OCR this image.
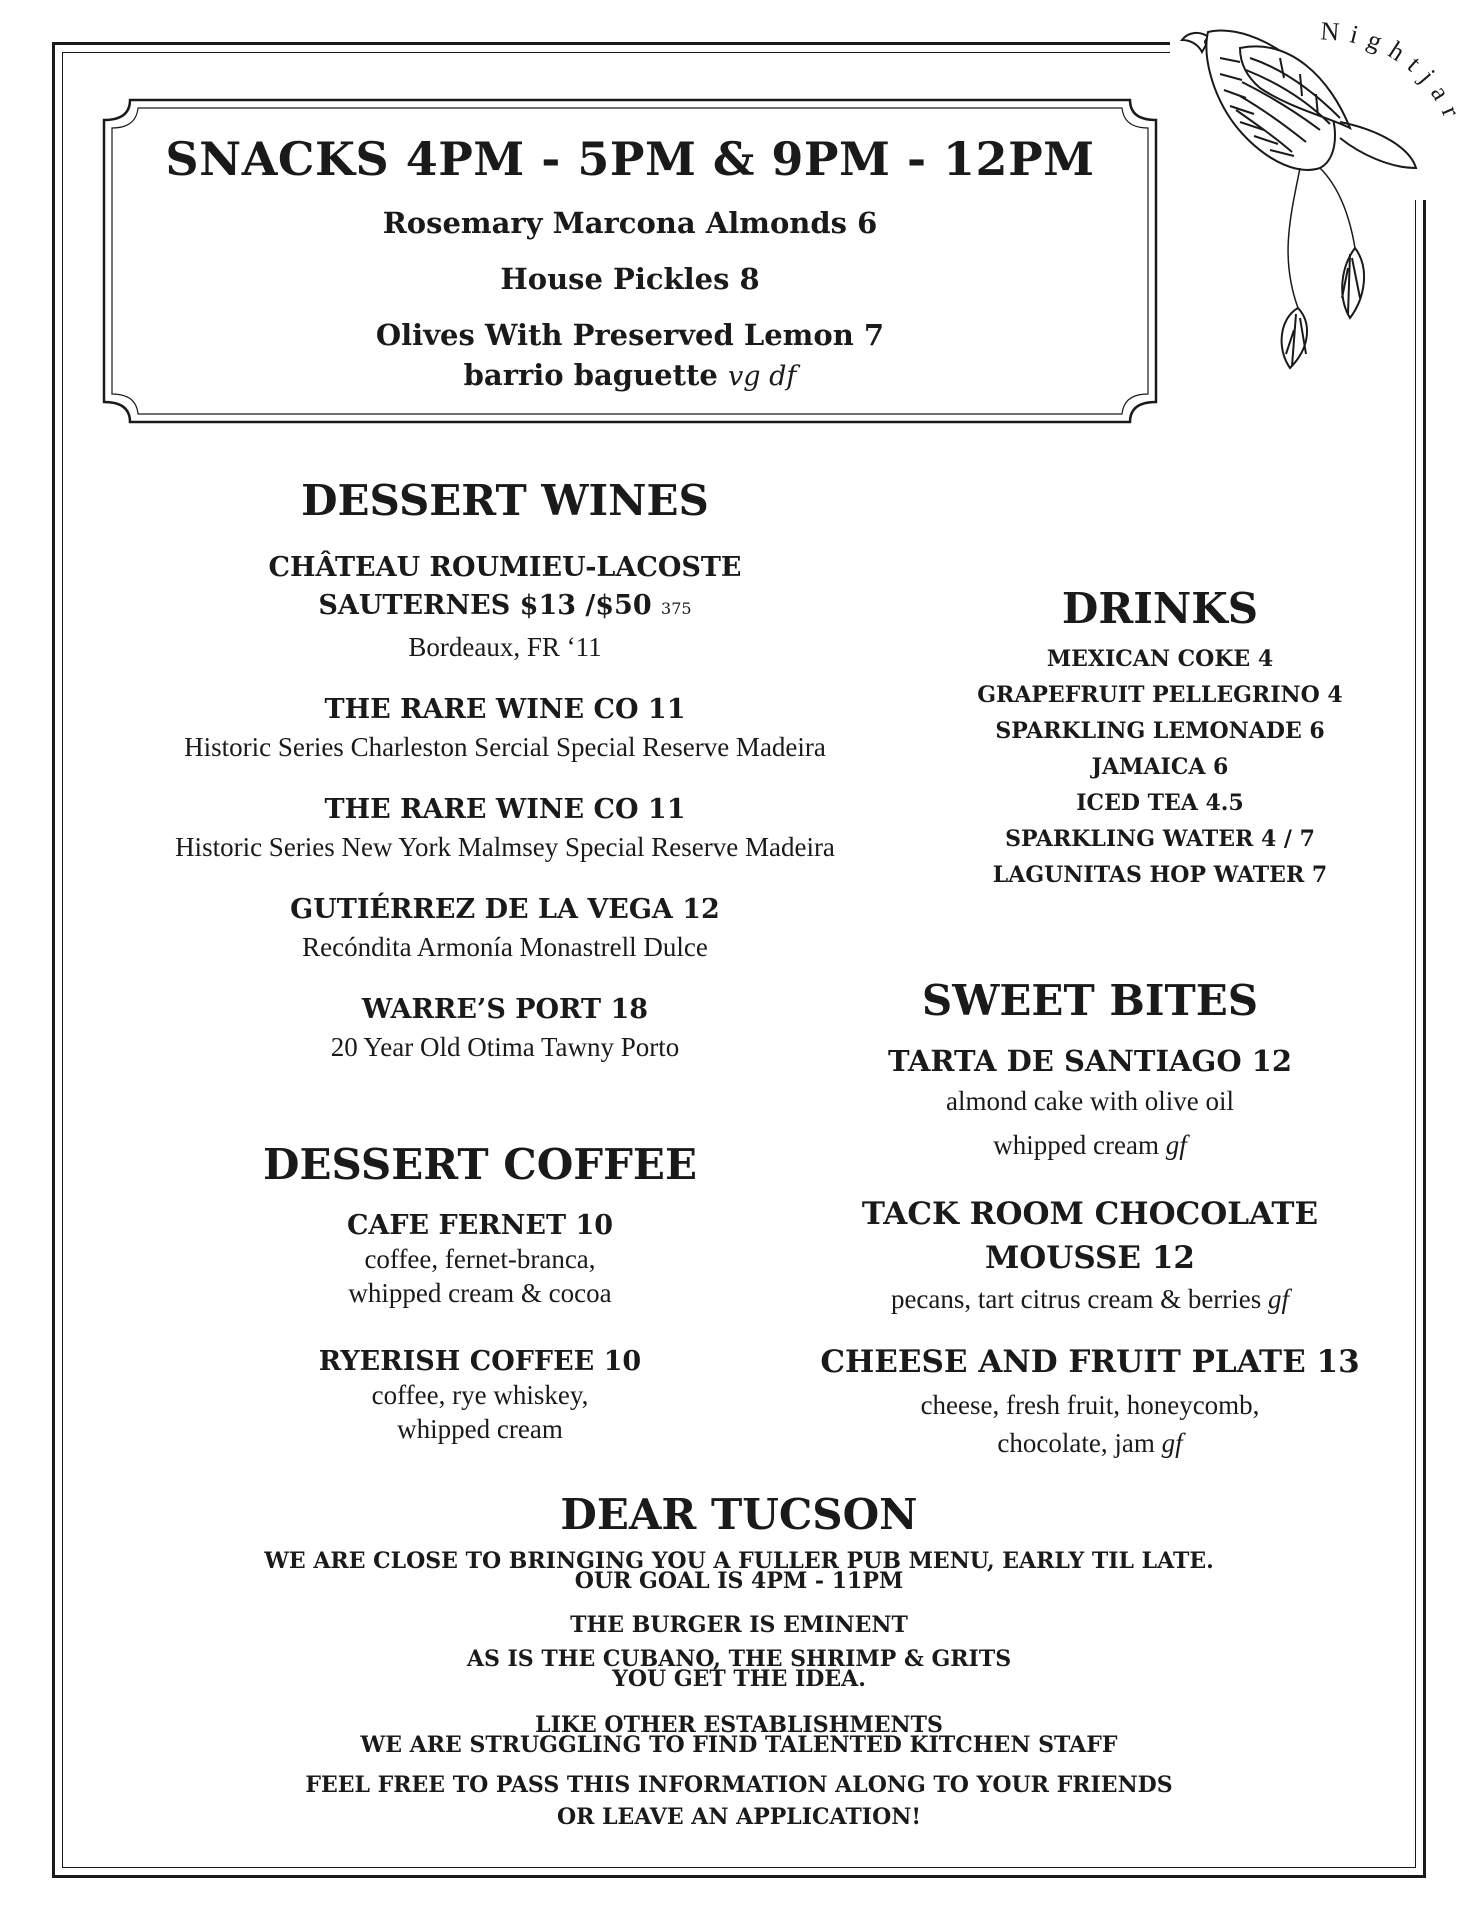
Nightjar
SNACKS 4PM - 5PM & 9PM - 12PM
Rosemary Marcona Almonds 6
House Pickles 8
Olives With Preserved Lemon 7
barrio baguette vg df
DESSERT WINES
CHÂTEAU ROUMIEU-LACOSTE
SAUTERNES $13 /$50 375
Bordeaux, FR ‘11
THE RARE WINE CO 11
Historic Series Charleston Sercial Special Reserve Madeira
THE RARE WINE CO 11
Historic Series New York Malmsey Special Reserve Madeira
GUTIÉRREZ DE LA VEGA 12
Recóndita Armonía Monastrell Dulce
WARRE’S PORT 18
20 Year Old Otima Tawny Porto
DRINKS
MEXICAN COKE 4
GRAPEFRUIT PELLEGRINO 4
SPARKLING LEMONADE 6
JAMAICA 6
ICED TEA 4.5
SPARKLING WATER 4 / 7
LAGUNITAS HOP WATER 7
DESSERT COFFEE
CAFE FERNET 10
coffee, fernet-branca,
whipped cream & cocoa
RYERISH COFFEE 10
coffee, rye whiskey,
whipped cream
SWEET BITES
TARTA DE SANTIAGO 12
almond cake with olive oil
whipped cream gf
TACK ROOM CHOCOLATE
MOUSSE 12
pecans, tart citrus cream & berries gf
CHEESE AND FRUIT PLATE 13
cheese, fresh fruit, honeycomb,
chocolate, jam gf
DEAR TUCSON
WE ARE CLOSE TO BRINGING YOU A FULLER PUB MENU, EARLY TIL LATE.
OUR GOAL IS 4PM - 11PM
THE BURGER IS EMINENT
AS IS THE CUBANO, THE SHRIMP & GRITS
YOU GET THE IDEA.
LIKE OTHER ESTABLISHMENTS
WE ARE STRUGGLING TO FIND TALENTED KITCHEN STAFF
FEEL FREE TO PASS THIS INFORMATION ALONG TO YOUR FRIENDS
OR LEAVE AN APPLICATION!
